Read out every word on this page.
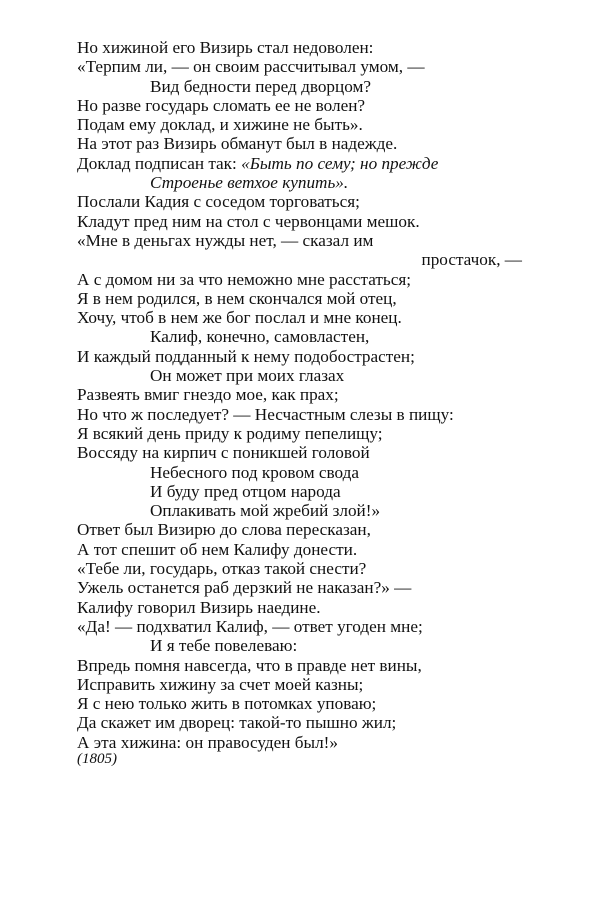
Но хижиной его Визирь стал недоволен:
«Терпим ли, — он своим рассчитывал умом, —
Вид бедности перед дворцом?
Но разве государь сломать ее не волен?
Подам ему доклад, и хижине не быть».
На этот раз Визирь обманут был в надежде.
Доклад подписан так: «Быть по сему; но прежде
Строенье ветхое купить».
Послали Кадия с соседом торговаться;
Кладут пред ним на стол с червонцами мешок.
«Мне в деньгах нужды нет, — сказал им
простачок, —
А с домом ни за что неможно мне расстаться;
Я в нем родился, в нем скончался мой отец,
Хочу, чтоб в нем же бог послал и мне конец.
Калиф, конечно, самовластен,
И каждый подданный к нему подобострастен;
Он может при моих глазах
Развеять вмиг гнездо мое, как прах;
Но что ж последует? — Несчастным слезы в пищу:
Я всякий день приду к родиму пепелищу;
Воссяду на кирпич с поникшей головой
Небесного под кровом свода
И буду пред отцом народа
Оплакивать мой жребий злой!»
Ответ был Визирю до слова пересказан,
А тот спешит об нем Калифу донести.
«Тебе ли, государь, отказ такой снести?
Ужель останется раб дерзкий не наказан?» —
Калифу говорил Визирь наедине.
«Да! — подхватил Калиф, — ответ угоден мне;
И я тебе повелеваю:
Впредь помня навсегда, что в правде нет вины,
Исправить хижину за счет моей казны;
Я с нею только жить в потомках уповаю;
Да скажет им дворец: такой-то пышно жил;
А эта хижина: он правосуден был!»
(1805)
